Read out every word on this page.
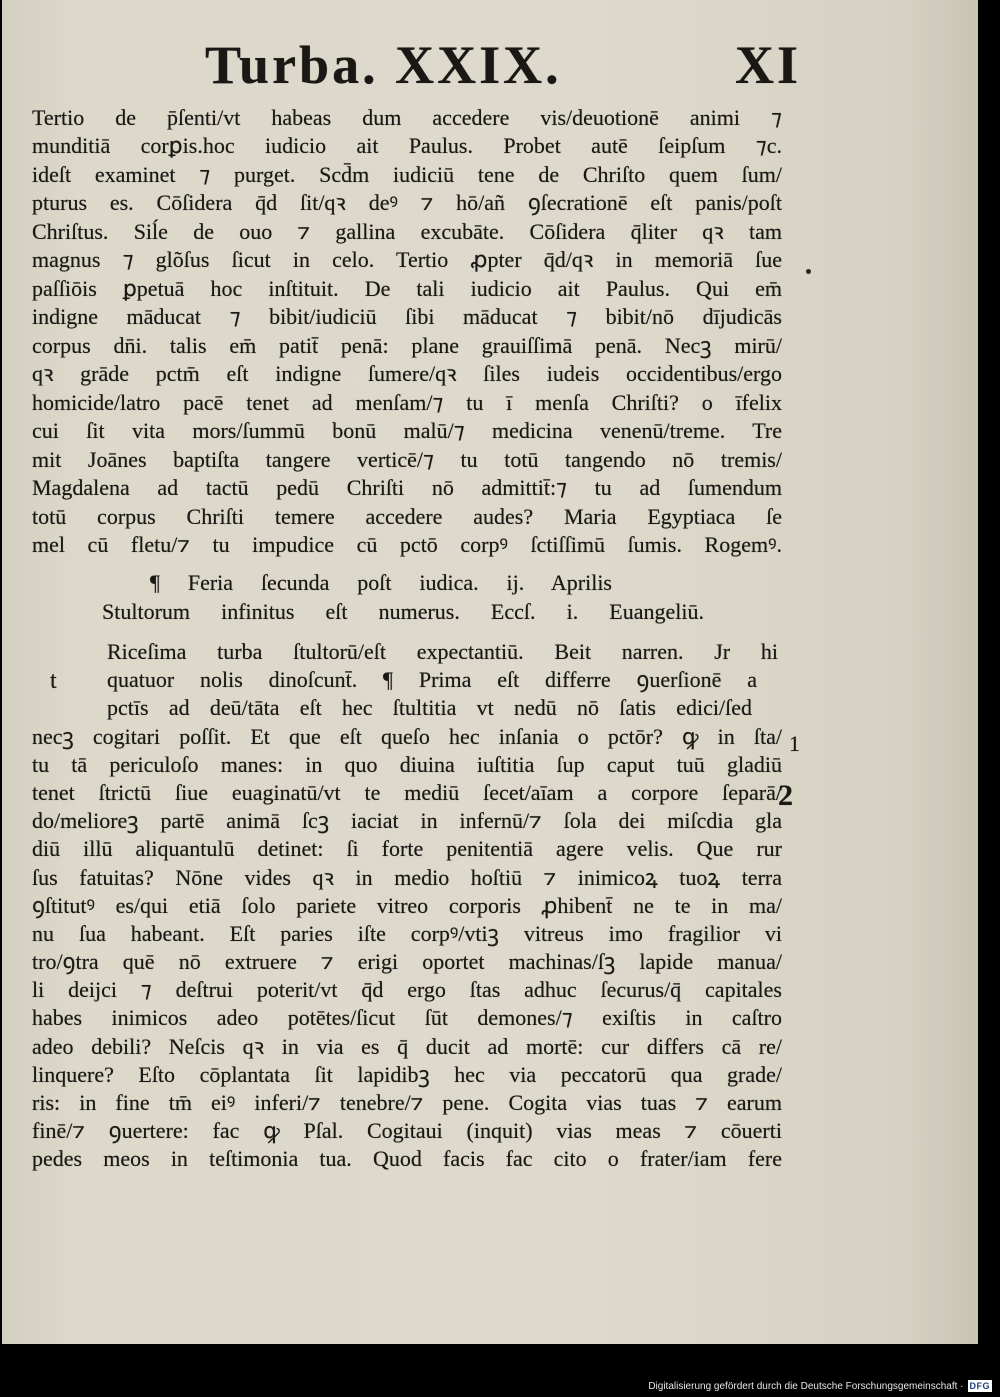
Turba. XXIX.	XI
Tertio de p̄ſenti/vt habeas dum accedere vis/deuotionē animi ⁊
munditiā corꝑis.hoc iudicio ait Paulus. Probet autē ſeipſum ⁊c.
ideſt examinet ⁊ purget. Scd̄m iudiciū tene de Chriſto quem ſum/
pturus es. Cōſidera q̄d ſit/qꝛ deꝰ ⁊ hō/añ ꝯſecrationē eſt panis/poſt
Chriſtus. Siĺe de ouo ⁊ gallina excubāte. Cōſidera q̄liter qꝛ tam
magnus ⁊ glõſus ſicut in celo. Tertio ꝓpter q̄d/qꝛ in memoriā ſue
paſſiōis ꝑpetuā hoc inſtituit. De tali iudicio ait Paulus. Qui em̄
indigne māducat ⁊ bibit/iudiciū ſibi māducat ⁊ bibit/nō dījudicās
corpus dn̄i. talis em̄ patit̄ penā: plane grauiſſimā penā. Necꝫ mirū/
qꝛ grāde pctm̄ eſt indigne ſumere/qꝛ ſiles iudeis occidentibus/ergo
homicide/latro pacē tenet ad menſam/⁊ tu ī menſa Chriſti? o īfelix
cui ſit vita mors/ſummū bonū malū/⁊ medicina venenū/treme. Tre
mit Joānes baptiſta tangere verticē/⁊ tu totū tangendo nō tremis/
Magdalena ad tactū pedū Chriſti nō admittit̄:⁊ tu ad ſumendum
totū corpus Chriſti temere accedere audes? Maria Egyptiaca ſe
mel cū fletu/⁊ tu impudice cū pctō corpꝰ ſctiſſimū ſumis. Rogemꝰ.
¶ Feria ſecunda poſt iudica. ij. Aprilis
Stultorum infinitus eſt numerus. Eccſ. i. Euangeliū.
t
1
2
Riceſima turba ſtultorū/eſt expectantiū. Beit narren. Jr hi
quatuor nolis dinoſcunt̄. ¶ Prima eſt differre ꝯuerſionē a
pctīs ad deū/tāta eſt hec ſtultitia vt nedū nō ſatis edici/ſed
necꝫ cogitari poſſit. Et que eſt queſo hec inſania o pctōr? ꝙ in ſta/
tu tā periculoſo manes: in quo diuina iuſtitia ſup caput tuū gladiū
tenet ſtrictū ſiue euaginatū/vt te mediū ſecet/aīam a corpore ſeparā/
do/melioreꝫ partē animā ſcꝫ iaciat in infernū/⁊ ſola dei miſcdia gla
diū illū aliquantulū detinet: ſi forte penitentiā agere velis. Que rur
ſus fatuitas? Nōne vides qꝛ in medio hoſtiū ⁊ inimicoꝝ tuoꝝ terra
ꝯſtitutꝰ es/qui etiā ſolo pariete vitreo corporis ꝓhibent̄ ne te in ma/
nu ſua habeant. Eſt paries iſte corpꝰ/vtiꝫ vitreus imo fragilior vi
tro/ꝯtra quē nō extruere ⁊ erigi oportet machinas/ſꝫ lapide manua/
li deijci ⁊ deſtrui poterit/vt q̄d ergo ſtas adhuc ſecurus/q̄ capitales
habes inimicos adeo potētes/ſicut ſūt demones/⁊ exiſtis in caſtro
adeo debili? Neſcis qꝛ in via es q̄ ducit ad mortē: cur differs cā re/
linquere? Eſto cōplantata ſit lapidibꝫ hec via peccatorū qua grade/
ris: in fine tm̄ eiꝰ inferi/⁊ tenebre/⁊ pene. Cogita vias tuas ⁊ earum
finē/⁊ ꝯuertere: fac ꝙ Pſal. Cogitaui (inquit) vias meas ⁊ cōuerti
pedes meos in teſtimonia tua. Quod facis fac cito o frater/iam fere
Digitalisierung gefördert durch die Deutsche Forschungsgemeinschaft · DFG
